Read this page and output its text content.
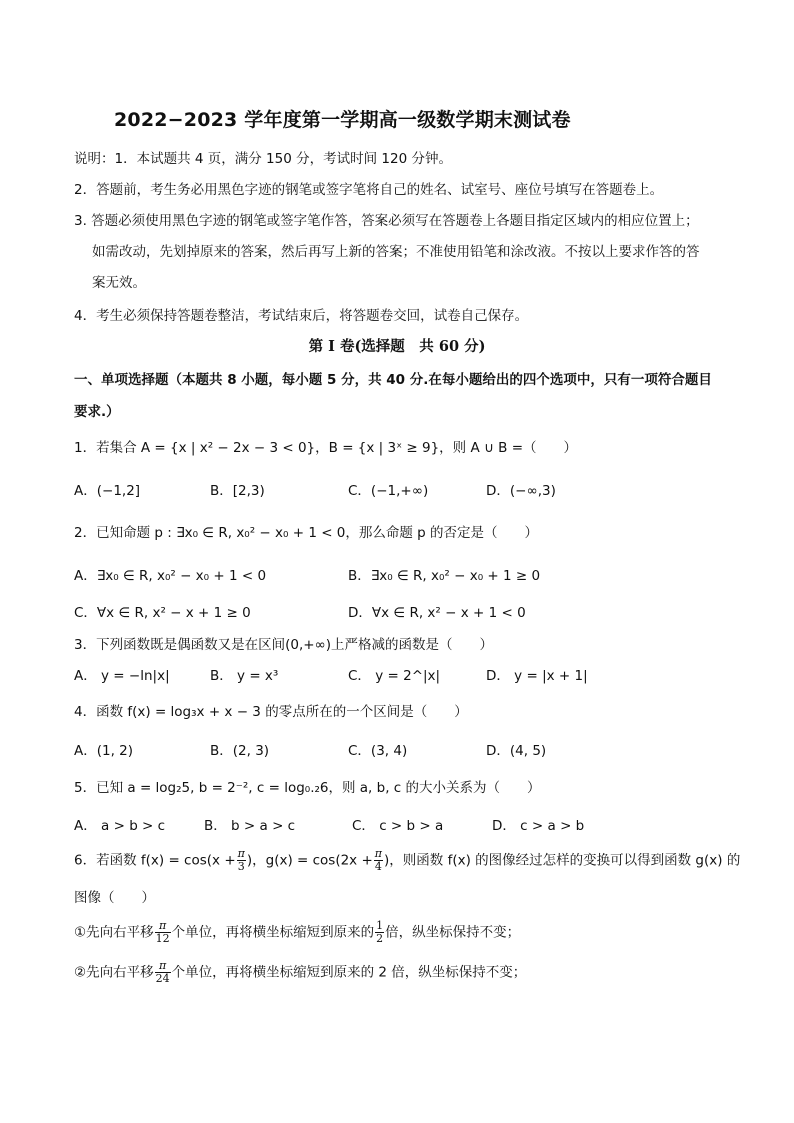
2022−2023 学年度第一学期高一级数学期末测试卷
说明：1．本试题共 4 页，满分 150 分，考试时间 120 分钟。
2．答题前，考生务必用黑色字迹的钢笔或签字笔将自己的姓名、试室号、座位号填写在答题卷上。
3. 答题必须使用黑色字迹的钢笔或签字笔作答，答案必须写在答题卷上各题目指定区域内的相应位置上；
如需改动，先划掉原来的答案，然后再写上新的答案；不准使用铅笔和涂改液。不按以上要求作答的答
案无效。
4．考生必须保持答题卷整洁，考试结束后，将答题卷交回，试卷自己保存。
第 I 卷(选择题　共 60 分)
一、单项选择题（本题共 8 小题，每小题 5 分，共 40 分.在每小题给出的四个选项中，只有一项符合题目
要求.）
1．若集合 A = {x | x² − 2x − 3 < 0}，B = {x | 3ˣ ≥ 9}，则 A ∪ B =（　　）
A．(−1,2]	B．[2,3)	C．(−1,+∞)	D．(−∞,3)
2．已知命题 p : ∃x₀ ∈ R, x₀² − x₀ + 1 < 0，那么命题 p 的否定是（　　）
A．∃x₀ ∈ R, x₀² − x₀ + 1 < 0	B．∃x₀ ∈ R, x₀² − x₀ + 1 ≥ 0
C．∀x ∈ R, x² − x + 1 ≥ 0	D．∀x ∈ R, x² − x + 1 < 0
3．下列函数既是偶函数又是在区间(0,+∞)上严格减的函数是（　　）
A． y = −ln|x|	B． y = x³	C． y = 2^|x|	D． y = |x + 1|
4．函数 f(x) = log₃x + x − 3 的零点所在的一个区间是（　　）
A．(1, 2)	B．(2, 3)	C．(3, 4)	D．(4, 5)
5．已知 a = log₂5, b = 2⁻², c = log₀.₂6，则 a, b, c 的大小关系为（　　）
A． a > b > c	B． b > a > c	C． c > b > a	D． c > a > b
6．若函数 $f(x) = \cos(x + \frac{\pi}{3}$ )，$g(x) = \cos(2x + \frac{\pi}{4}$ )，则函数 f(x) 的图像经过怎样的变换可以得到函数 g(x) 的
图像（　　）
①先向右平移 $\frac{\pi}{12}$ 个单位，再将横坐标缩短到原来的 $\frac{1}{2}$ 倍，纵坐标保持不变；
②先向右平移 $\frac{\pi}{24}$ 个单位，再将横坐标缩短到原来的 2 倍，纵坐标保持不变；
